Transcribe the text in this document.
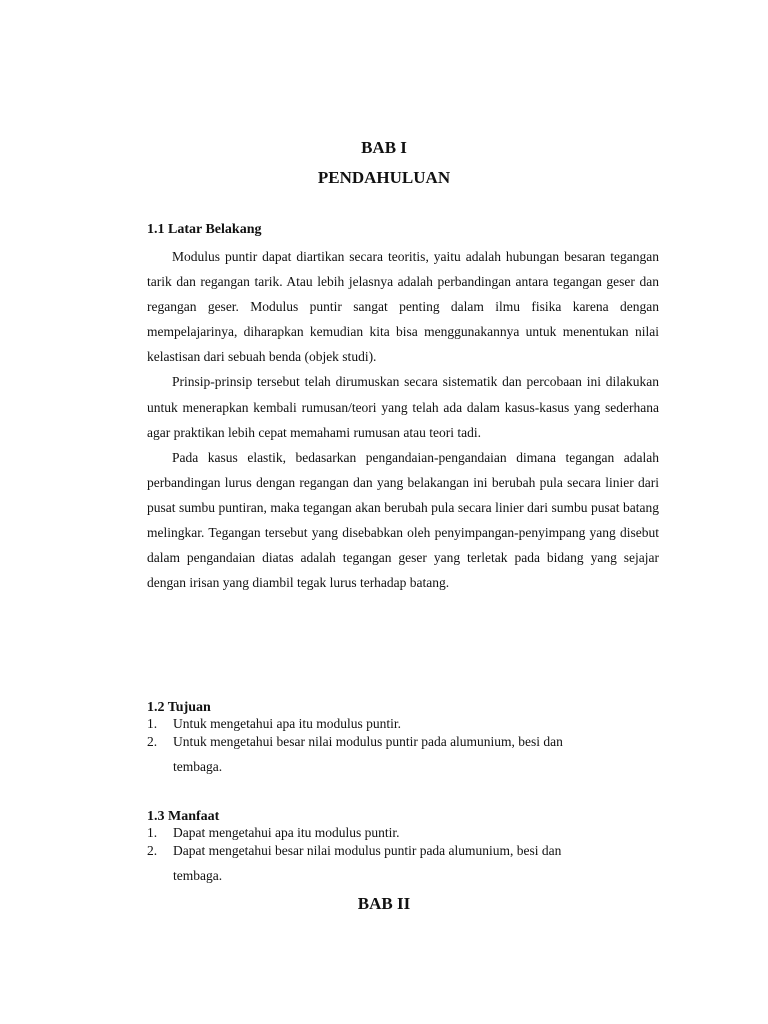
BAB I
PENDAHULUAN
1.1 Latar Belakang

Modulus puntir dapat diartikan secara teoritis, yaitu adalah hubungan besaran tegangan tarik dan regangan tarik. Atau lebih jelasnya adalah perbandingan antara tegangan geser dan regangan geser. Modulus puntir sangat penting dalam ilmu fisika karena dengan mempelajarinya, diharapkan kemudian kita bisa menggunakannya untuk menentukan nilai kelastisan dari sebuah benda (objek studi).

Prinsip-prinsip tersebut telah dirumuskan secara sistematik dan percobaan ini dilakukan untuk menerapkan kembali rumusan/teori yang telah ada dalam kasus-kasus yang sederhana agar praktikan lebih cepat memahami rumusan atau teori tadi.

Pada kasus elastik, bedasarkan pengandaian-pengandaian dimana tegangan adalah perbandingan lurus dengan regangan dan yang belakangan ini berubah pula secara linier dari pusat sumbu puntiran, maka tegangan akan berubah pula secara linier dari sumbu pusat batang melingkar. Tegangan tersebut yang disebabkan oleh penyimpangan-penyimpang yang disebut dalam pengandaian diatas adalah tegangan geser yang terletak pada bidang yang sejajar dengan irisan yang diambil tegak lurus terhadap batang.

1.2 Tujuan
1.	Untuk mengetahui apa itu modulus puntir.

2.	Untuk mengetahui besar nilai modulus puntir pada alumunium, besi dan
tembaga.

1.3 Manfaat
1.	Dapat mengetahui apa itu modulus puntir.

2.	Dapat mengetahui besar nilai modulus puntir pada alumunium, besi dan
tembaga.

BAB II
